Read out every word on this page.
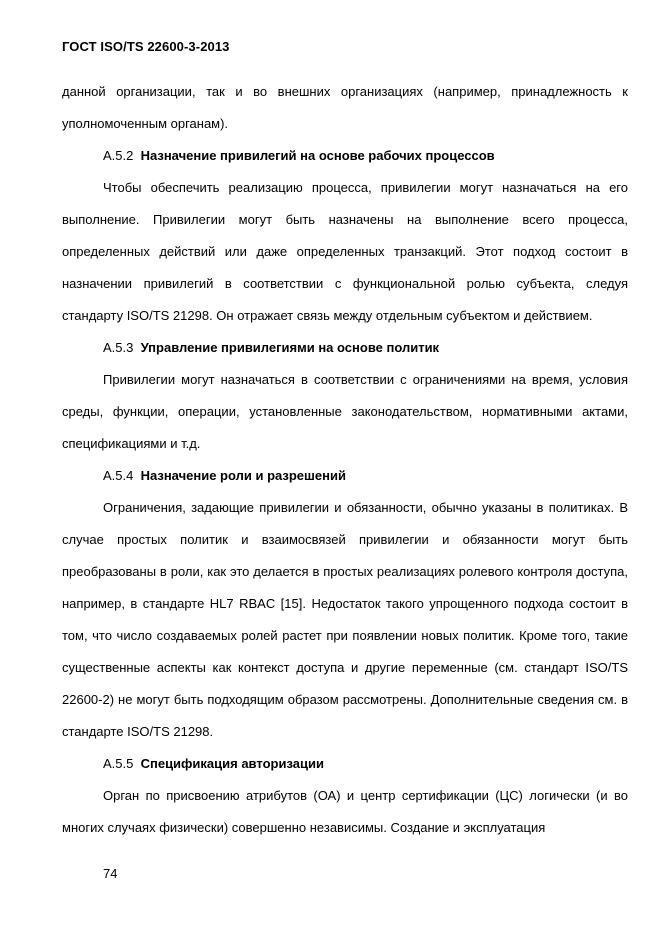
ГОСТ ISO/TS 22600-3-2013

данной организации, так и во внешних организациях (например, принадлежность к уполномоченным органам).

A.5.2 Назначение привилегий на основе рабочих процессов

Чтобы обеспечить реализацию процесса, привилегии могут назначаться на его выполнение. Привилегии могут быть назначены на выполнение всего процесса, определенных действий или даже определенных транзакций. Этот подход состоит в назначении привилегий в соответствии с функциональной ролью субъекта, следуя стандарту ISO/TS 21298. Он отражает связь между отдельным субъектом и действием.

A.5.3 Управление привилегиями на основе политик

Привилегии могут назначаться в соответствии с ограничениями на время, условия среды, функции, операции, установленные законодательством, нормативными актами, спецификациями и т.д.

A.5.4 Назначение роли и разрешений

Ограничения, задающие привилегии и обязанности, обычно указаны в политиках. В случае простых политик и взаимосвязей привилегии и обязанности могут быть преобразованы в роли, как это делается в простых реализациях ролевого контроля доступа, например, в стандарте HL7 RBAC [15]. Недостаток такого упрощенного подхода состоит в том, что число создаваемых ролей растет при появлении новых политик. Кроме того, такие существенные аспекты как контекст доступа и другие переменные (см. стандарт ISO/TS 22600-2) не могут быть подходящим образом рассмотрены. Дополнительные сведения см. в стандарте ISO/TS 21298.

A.5.5 Спецификация авторизации

Орган по присвоению атрибутов (ОА) и центр сертификации (ЦС) логически (и во многих случаях физически) совершенно независимы. Создание и эксплуатация

74
